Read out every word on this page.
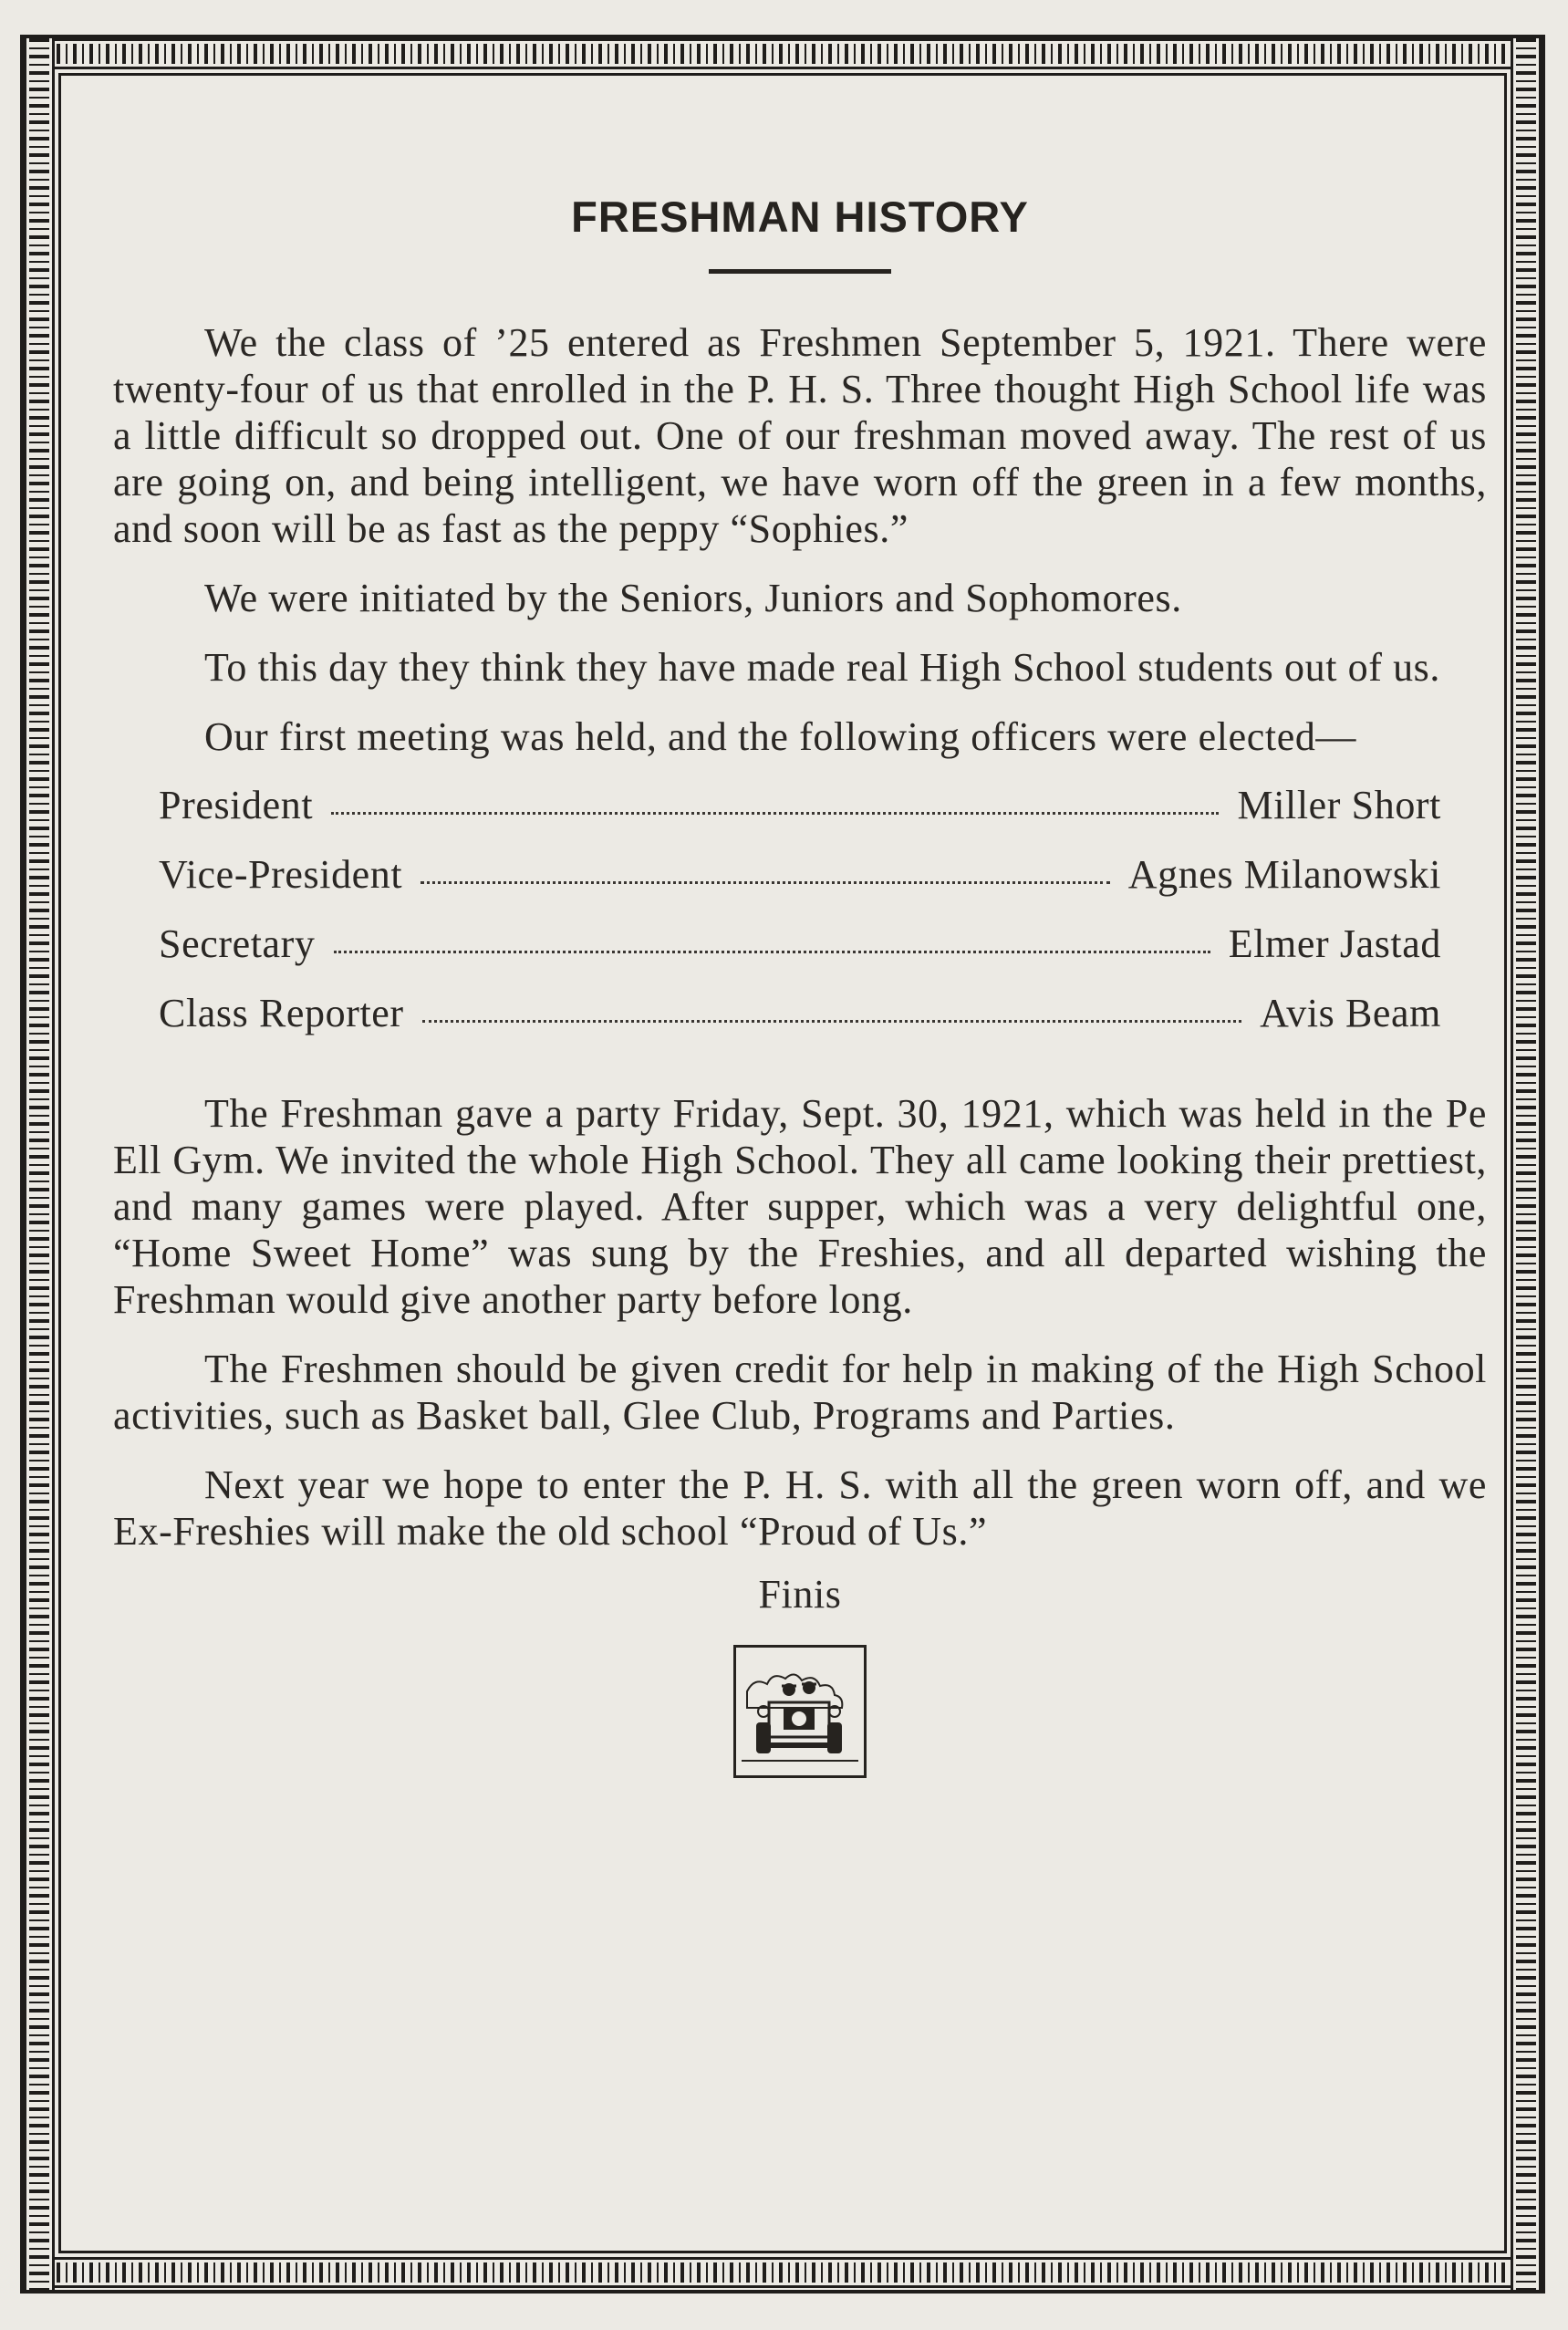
FRESHMAN HISTORY

We the class of ’25 entered as Freshmen September 5, 1921. There were twenty-four of us that enrolled in the P. H. S. Three thought High School life was a little difficult so dropped out. One of our freshman moved away. The rest of us are going on, and being intelligent, we have worn off the green in a few months, and soon will be as fast as the peppy “Sophies.”

We were initiated by the Seniors, Juniors and Sophomores.

To this day they think they have made real High School students out of us.

Our first meeting was held, and the following officers were elected—

President	Miller Short
Vice-President	Agnes Milanowski
Secretary	Elmer Jastad
Class Reporter	Avis Beam

The Freshman gave a party Friday, Sept. 30, 1921, which was held in the Pe Ell Gym. We invited the whole High School. They all came looking their prettiest, and many games were played. After supper, which was a very delightful one, “Home Sweet Home” was sung by the Freshies, and all departed wishing the Freshman would give another party before long.

The Freshmen should be given credit for help in making of the High School activities, such as Basket ball, Glee Club, Programs and Parties.

Next year we hope to enter the P. H. S. with all the green worn off, and we Ex-Freshies will make the old school “Proud of Us.”

Finis
